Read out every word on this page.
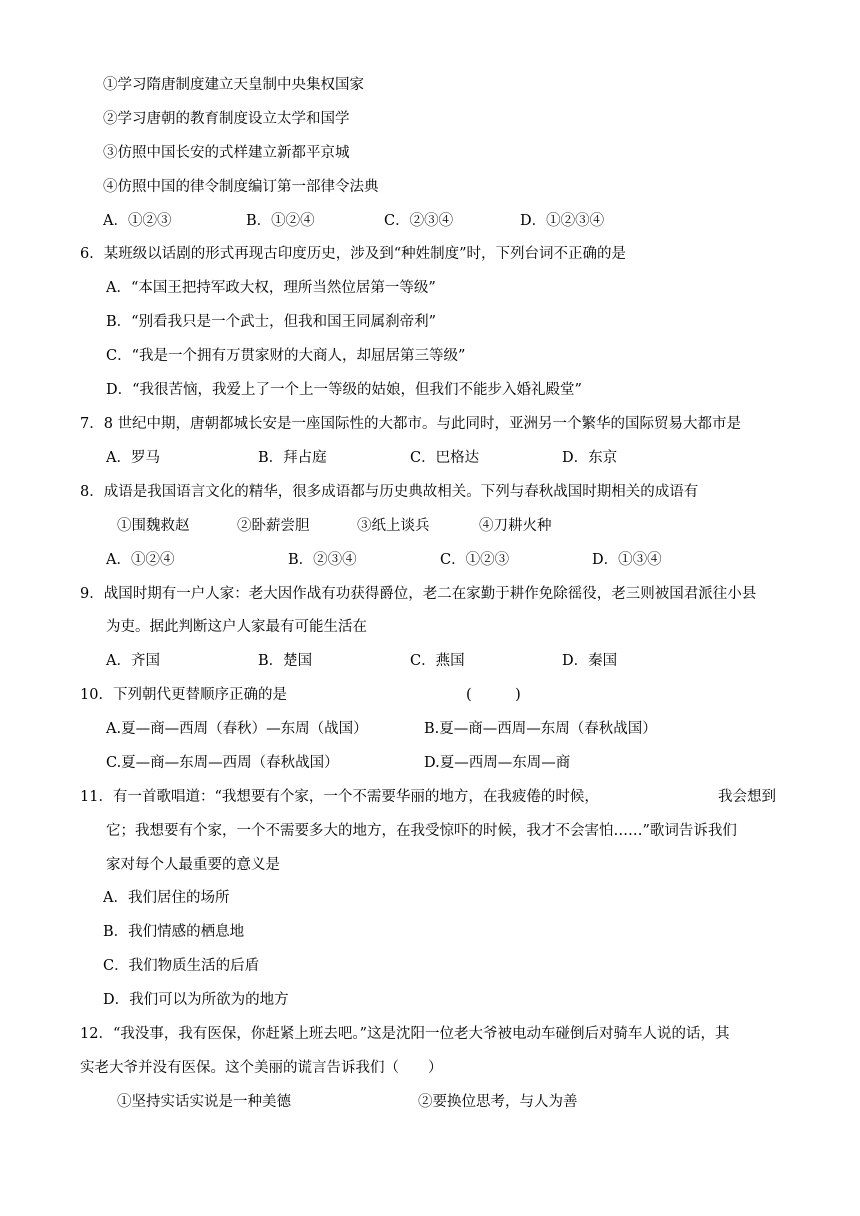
①学习隋唐制度建立天皇制中央集权国家
②学习唐朝的教育制度设立太学和国学
③仿照中国长安的式样建立新都平京城
④仿照中国的律令制度编订第一部律令法典
A．①②③	B．①②④	C．②③④	D．①②③④
6．某班级以话剧的形式再现古印度历史，涉及到“种姓制度”时，下列台词不正确的是
A．“本国王把持军政大权，理所当然位居第一等级”
B．“别看我只是一个武士，但我和国王同属刹帝利”
C．“我是一个拥有万贯家财的大商人，却屈居第三等级”
D．“我很苦恼，我爱上了一个上一等级的姑娘，但我们不能步入婚礼殿堂”
7．8 世纪中期，唐朝都城长安是一座国际性的大都市。与此同时，亚洲另一个繁华的国际贸易大都市是
A．罗马	B．拜占庭	C．巴格达	D．东京
8．成语是我国语言文化的精华，很多成语都与历史典故相关。下列与春秋战国时期相关的成语有
①围魏救赵	②卧薪尝胆	③纸上谈兵	④刀耕火种
A．①②④	B．②③④	C．①②③	D．①③④
9．战国时期有一户人家：老大因作战有功获得爵位，老二在家勤于耕作免除徭役，老三则被国君派往小县
为吏。据此判断这户人家最有可能生活在
A．齐国	B．楚国	C．燕国	D．秦国
10．下列朝代更替顺序正确的是	(　　　)
A.夏—商—西周（春秋）—东周（战国）	B.夏—商—西周—东周（春秋战国）
C.夏—商—东周—西周（春秋战国）	D.夏—西周—东周—商
11．有一首歌唱道：“我想要有个家，一个不需要华丽的地方，在我疲倦的时候，	我会想到
它；我想要有个家，一个不需要多大的地方，在我受惊吓的时候，我才不会害怕……”歌词告诉我们
家对每个人最重要的意义是
A．我们居住的场所
B．我们情感的栖息地
C．我们物质生活的后盾
D．我们可以为所欲为的地方
12．“我没事，我有医保，你赶紧上班去吧。”这是沈阳一位老大爷被电动车碰倒后对骑车人说的话，其
实老大爷并没有医保。这个美丽的谎言告诉我们（　　）
①坚持实话实说是一种美德	②要换位思考，与人为善
